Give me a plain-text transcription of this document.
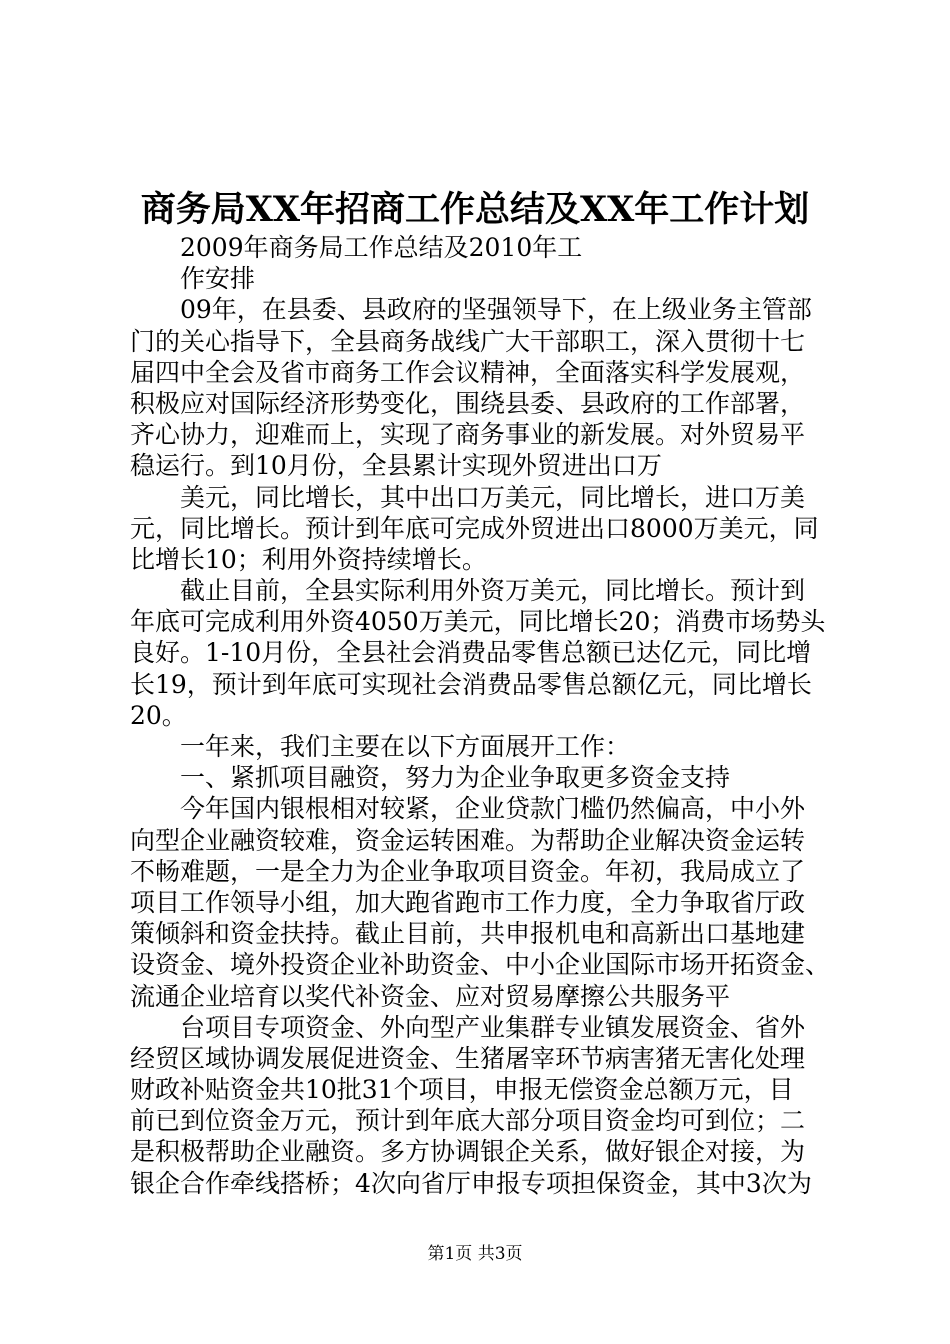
商务局XX年招商工作总结及XX年工作计划
2009年商务局工作总结及2010年工
作安排
09年，在县委、县政府的坚强领导下，在上级业务主管部
门的关心指导下，全县商务战线广大干部职工，深入贯彻十七
届四中全会及省市商务工作会议精神，全面落实科学发展观，
积极应对国际经济形势变化，围绕县委、县政府的工作部署，
齐心协力，迎难而上，实现了商务事业的新发展。对外贸易平
稳运行。到10月份，全县累计实现外贸进出口万
美元，同比增长，其中出口万美元，同比增长，进口万美
元，同比增长。预计到年底可完成外贸进出口8000万美元，同
比增长10；利用外资持续增长。
截止目前，全县实际利用外资万美元，同比增长。预计到
年底可完成利用外资4050万美元，同比增长20；消费市场势头
良好。1-10月份，全县社会消费品零售总额已达亿元，同比增
长19，预计到年底可实现社会消费品零售总额亿元，同比增长
20。
一年来，我们主要在以下方面展开工作：
一、紧抓项目融资，努力为企业争取更多资金支持
今年国内银根相对较紧，企业贷款门槛仍然偏高，中小外
向型企业融资较难，资金运转困难。为帮助企业解决资金运转
不畅难题，一是全力为企业争取项目资金。年初，我局成立了
项目工作领导小组，加大跑省跑市工作力度，全力争取省厅政
策倾斜和资金扶持。截止目前，共申报机电和高新出口基地建
设资金、境外投资企业补助资金、中小企业国际市场开拓资金、
流通企业培育以奖代补资金、应对贸易摩擦公共服务平
台项目专项资金、外向型产业集群专业镇发展资金、省外
经贸区域协调发展促进资金、生猪屠宰环节病害猪无害化处理
财政补贴资金共10批31个项目，申报无偿资金总额万元，目
前已到位资金万元，预计到年底大部分项目资金均可到位；二
是积极帮助企业融资。多方协调银企关系，做好银企对接，为
银企合作牵线搭桥；4次向省厅申报专项担保资金，其中3次为
第1页 共3页
